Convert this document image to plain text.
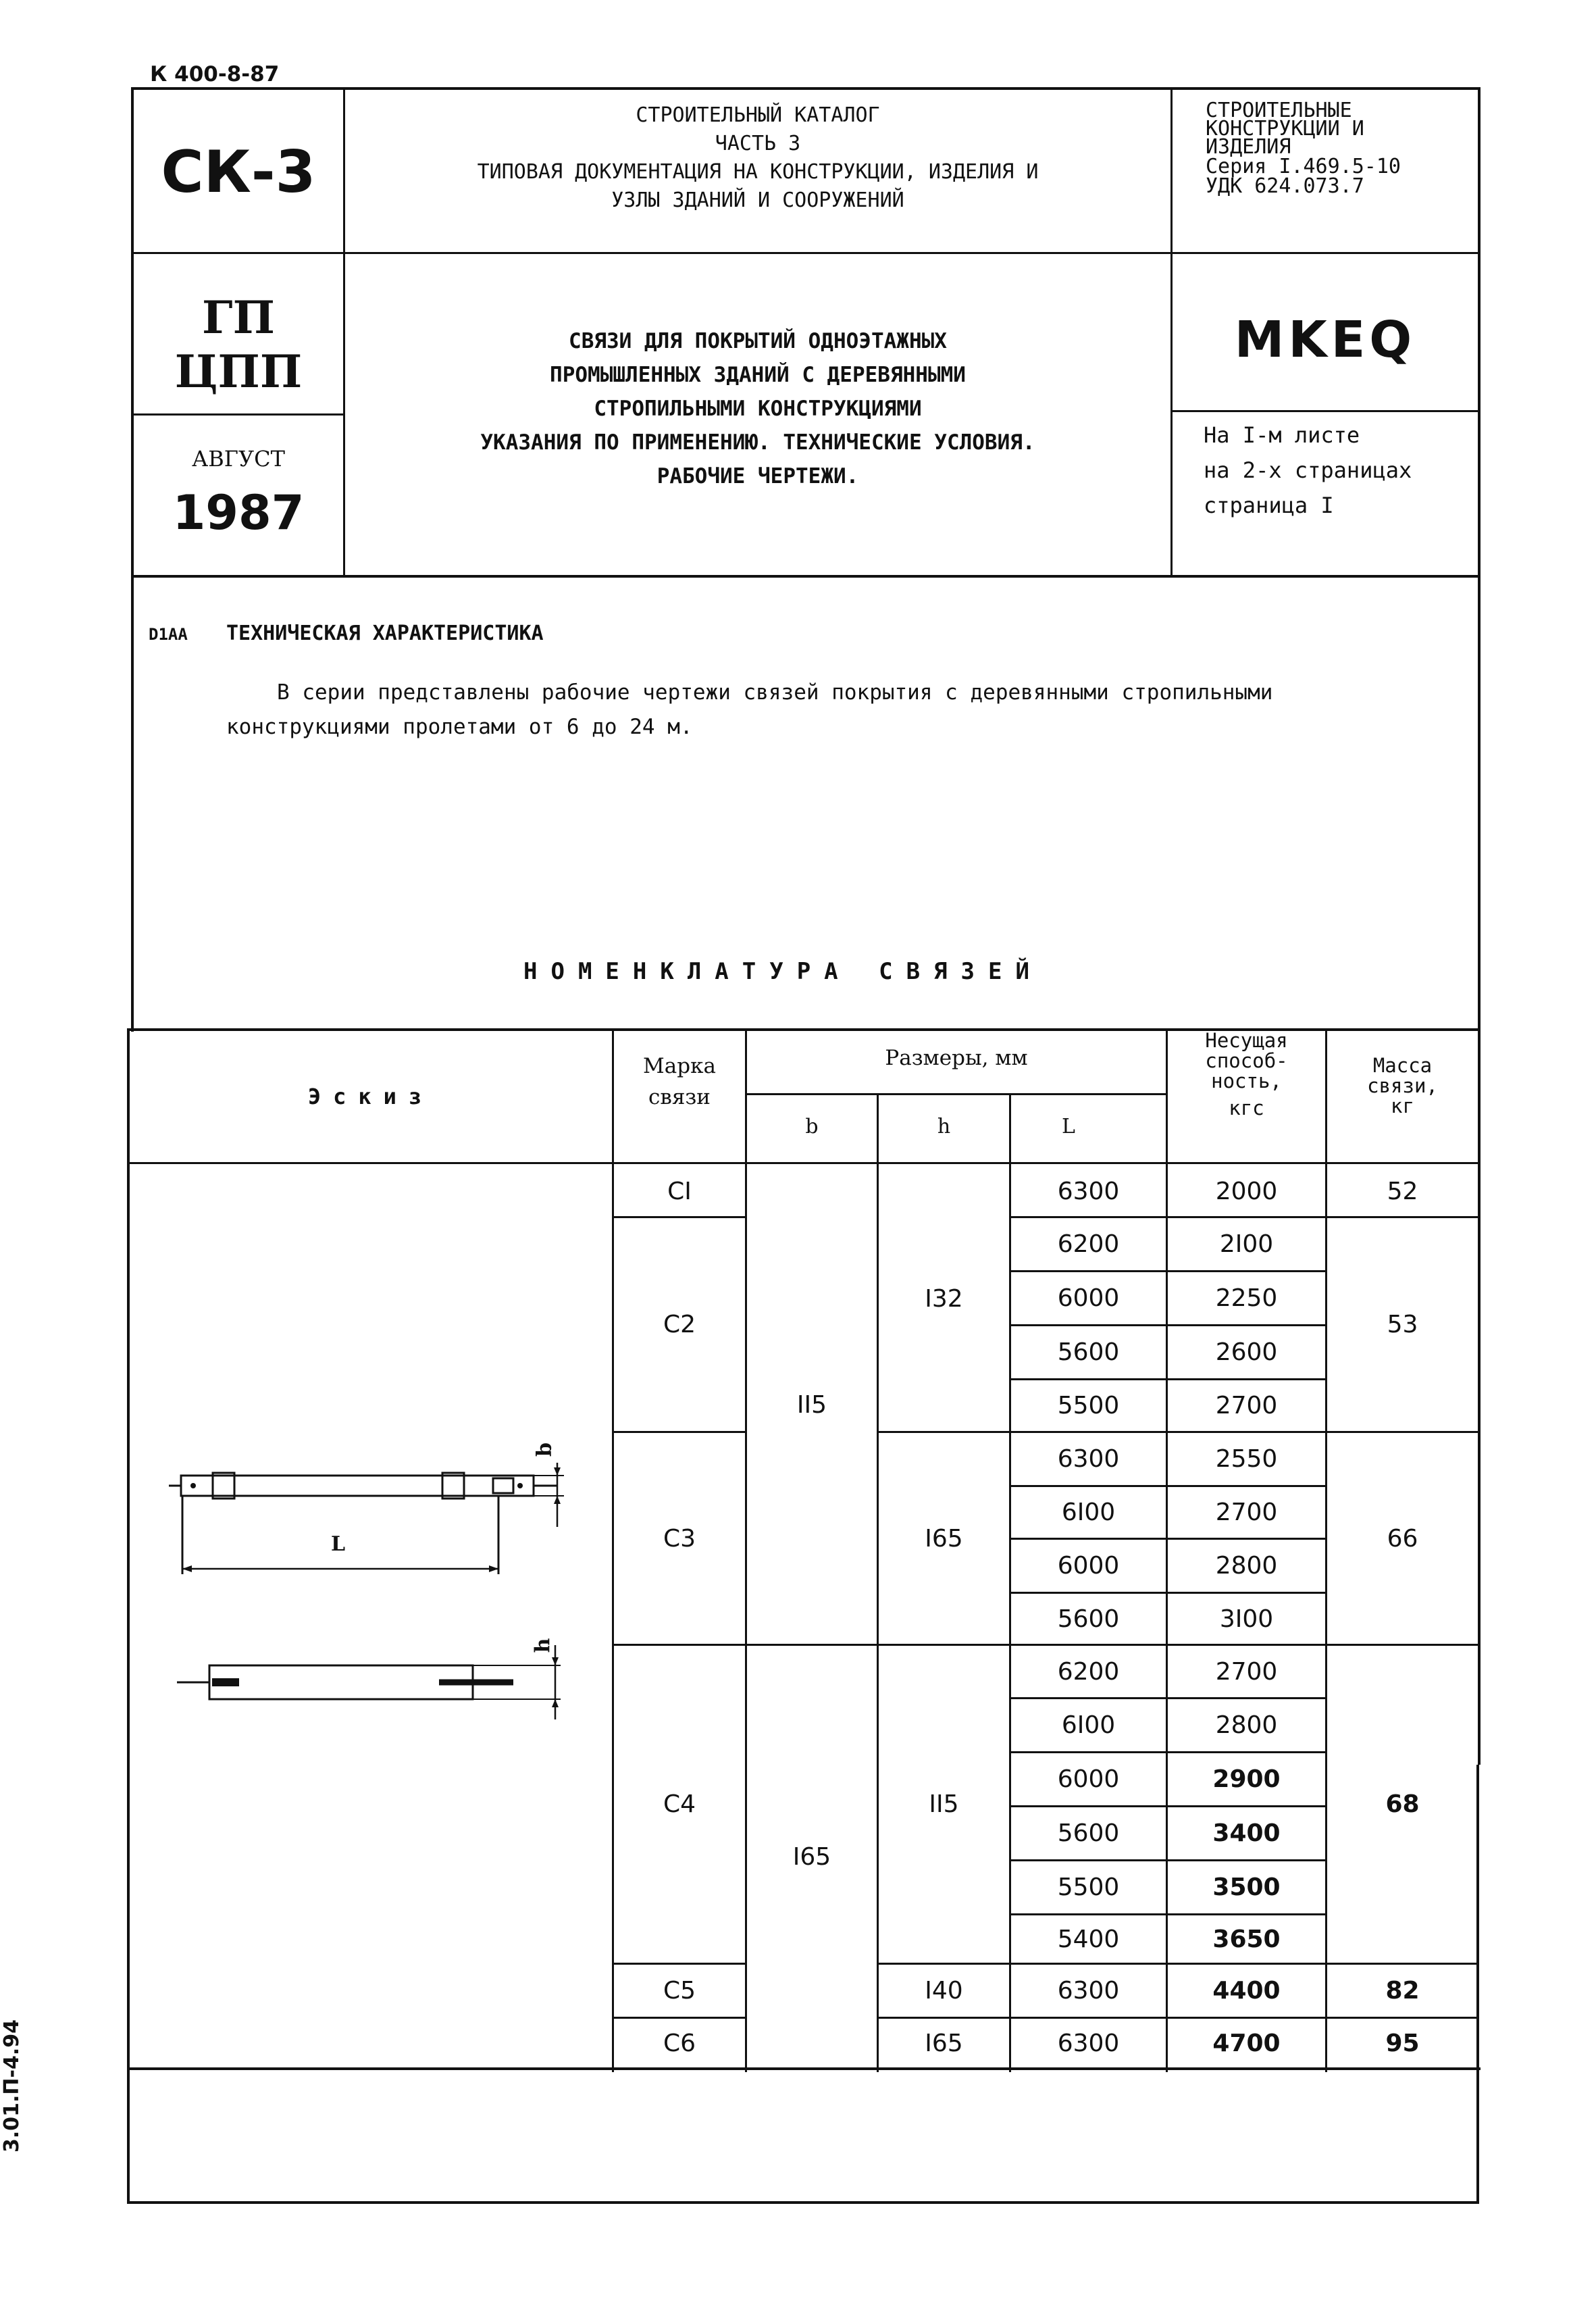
К 400-8-87
СК-3
СТРОИТЕЛЬНЫЙ КАТАЛОГ
ЧАСТЬ 3
ТИПОВАЯ ДОКУМЕНТАЦИЯ НА КОНСТРУКЦИИ, ИЗДЕЛИЯ И
УЗЛЫ ЗДАНИЙ И СООРУЖЕНИЙ
СТРОИТЕЛЬНЫЕ
КОНСТРУКЦИИ И
ИЗДЕЛИЯ
Серия I.469.5-10
УДК 624.073.7
ГП
ЦПП
АВГУСТ
1987
СВЯЗИ ДЛЯ ПОКРЫТИЙ ОДНОЭТАЖНЫХ
ПРОМЫШЛЕННЫХ ЗДАНИЙ С ДЕРЕВЯННЫМИ
СТРОПИЛЬНЫМИ КОНСТРУКЦИЯМИ
УКАЗАНИЯ ПО ПРИМЕНЕНИЮ. ТЕХНИЧЕСКИЕ УСЛОВИЯ.
РАБОЧИЕ ЧЕРТЕЖИ.
MKEQ
На I-м листе
на 2-х страницах
страница I
D1AA ТЕХНИЧЕСКАЯ ХАРАКТЕРИСТИКА
В серии представлены рабочие чертежи связей покрытия с деревянными стропильными
конструкциями пролетами от 6 до 24 м.
НОМЕНКЛАТУРА СВЯЗЕЙ
Эскиз
Марка
связи
Размеры, мм
b	h	L
Несущая
способ-
ность,
кгс
Масса
связи,
кг
CI
C2
C3
C4
C5
C6
II5
I65
I32
I65
II5
I40
I65
6300
6200
6000
5600
5500
6300
6I00
6000
5600
6200
6I00
6000
5600
5500
5400
6300
6300
2000
2I00
2250
2600
2700
2550
2700
2800
3I00
2700
2800
2900
3400
3500
3650
4400
4700
52
53
66
68
82
95
L
b
h
3.01.П-4.94
